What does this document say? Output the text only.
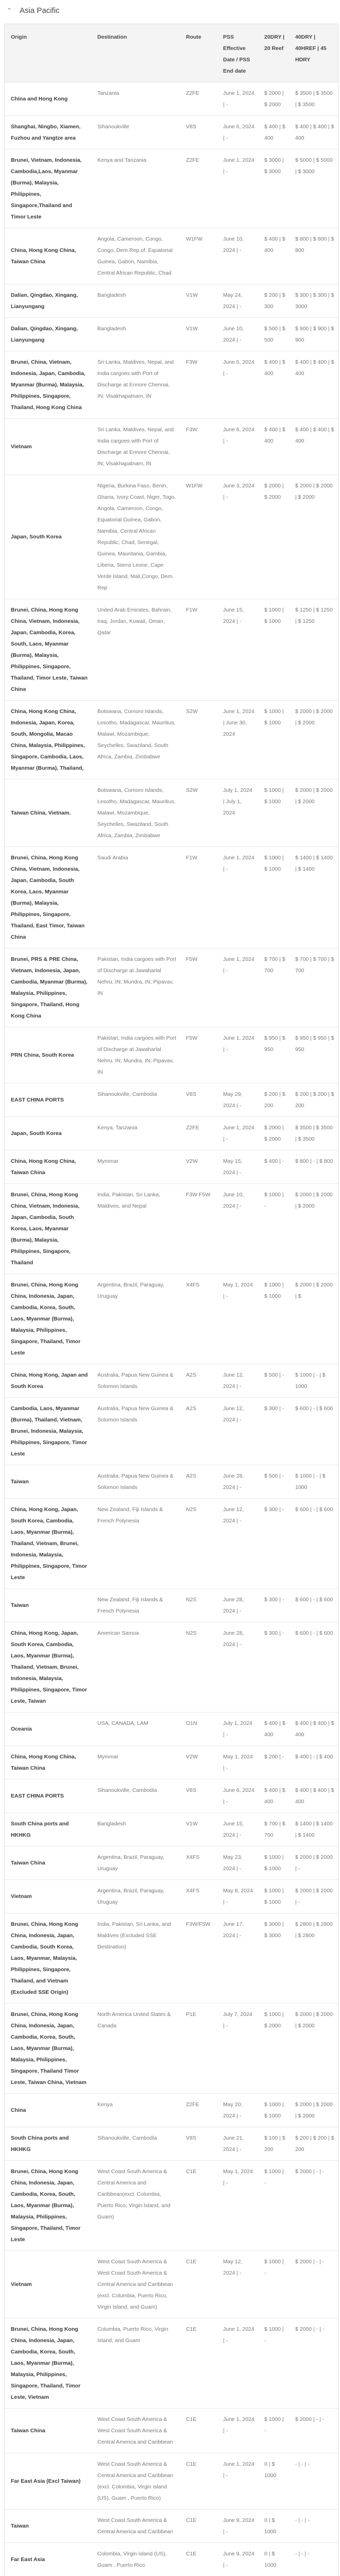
⌃ Asia Pacific
Origin	Destination	Route	PSS Effective Date / PSS End date	20DRY | 20 Reef	40DRY | 40HREF | 45 HDRY
China and Hong Kong	Tanzania	Z2FE	June 1, 2024 | -	$ 2000 | $ 2000	$ 3500 | $ 3500 | $ 3500
Shanghai, Ningbo, Xiamen, Fuzhou and Yangtze area	Sihanoukville	V8S	June 6, 2024 | -	$ 400 | $ 400	$ 400 | $ 400 | $ 400
Brunei, Vietnam, Indonesia, Cambodia,Laos, Myanmar (Burma), Malaysia, Philippines, Singapore,Thailand and Timor Leste	Kenya and Tanzania	Z2FE	June 1, 2024 | -	$ 3000 | $ 3000	$ 5000 | $ 5000 | $ 3000
China, Hong Kong China, Taiwan China	Angola, Cameroon, Congo, Congo, Dem.Rep.of, Equatorial Guinea, Gabon, Namibia, Central African Republic, Chad	W1FW	June 10, 2024 | -	$ 400 | $ 400	$ 800 | $ 800 | $ 800
Dalian, Qingdao, Xingang, Lianyungang	Bangladesh	V1W	May 24, 2024 | -	$ 200 | $ 300	$ 300 | $ 300 | $ 3000
Dalian, Qingdao, Xingang, Lianyungang	Bangladesh	V1W	June 10, 2024 | -	$ 500 | $ 500	$ 900 | $ 900 | $ 900
Brunei, China, Vietnam, Indonesia, Japan, Cambodia, Myanmar (Burma), Malaysia, Philippines, Singapore, Thailand, Hong Kong China	Sri Lanka, Maldives, Nepal, and India cargoes with Port of Discharge at Ennore Chennai, IN; Visakhapatnam, IN	F3W	June 5, 2024 | -	$ 400 | $ 400	$ 400 | $ 400 | $ 400
Vietnam	Sri Lanka, Maldives, Nepal, and India cargoes with Port of Discharge at Ennore Chennai, IN; Visakhapatnam, IN	F3W	June 6, 2024 | -	$ 400 | $ 400	$ 400 | $ 400 | $ 400
Japan, South Korea	Nigeria, Burkina Faso, Benin, Ghana, Ivory Coast, Niger, Togo, Angola, Cameroon, Congo, Equatorial Guinea, Gabon, Namibia, Central African Republic, Chad, Senegal, Guinea, Mauritania, Gambia, Liberia, Sierra Leone, Cape Verde Island, Mali,Congo, Dem. Rep	W1FW	June 3, 2024 | -	$ 2000 | $ 2000	$ 2000 | $ 2000 | $ 2000
Brunei, China, Hong Kong China, Vietnam, Indonesia, Japan, Cambodia, Korea, South, Laos, Myanmar (Burma), Malaysia, Philippines, Singapore, Thailand, Timor Leste, Taiwan China	United Arab Emirates, Bahrain, Iraq, Jordan, Kuwait, Oman, Qatar	F1W	June 15, 2024 | -	$ 1000 | $ 1000	$ 1250 | $ 1250 | $ 1250
China, Hong Kong China, Indonesia, Japan, Korea, South, Mongolia, Macao China, Malaysia, Philippines, Singapore, Cambodia, Laos, Myanmar (Burma), Thailand,	Botswana, Comoro Islands, Lesotho, Madagascar, Mauritius, Malawi, Mozambique, Seychelles, Swaziland, South Africa, Zambia, Zimbabwe	S2W	June 1, 2024 | June 30, 2024	$ 1000 | $ 1000	$ 2000 | $ 2000 | $ 2000
Taiwan China, Vietnam.	Botswana, Comoro Islands, Lesotho, Madagascar, Mauritius, Malawi, Mozambique, Seychelles, Swaziland, South Africa, Zambia, Zimbabwe	S2W	July 1, 2024 | July 1, 2024	$ 1000 | $ 1000	$ 2000 | $ 2000 | $ 2000
Brunei, China, Hong Kong China, Vietnam, Indonesia, Japan, Cambodia, South Korea, Laos, Myanmar (Burma), Malaysia, Philippines, Singapore, Thailand, East Timor, Taiwan China	Saudi Arabia	F1W	June 1, 2024 | -	$ 1000 | $ 1000	$ 1400 | $ 1400 | $ 1400
Brunei, PRS & PRE China, Vietnam, Indonesia, Japan, Cambodia, Myanmar (Burma), Malaysia, Philippines, Singapore, Thailand, Hong Kong China	Pakistan, India cargoes with Port of Discharge at Jawaharlal Nehru, IN; Mundra, IN; Pipavav, IN	F5W	June 1, 2024 | -	$ 700 | $ 700	$ 700 | $ 700 | $ 700
PRN China, South Korea	Pakistan, India cargoes with Port of Discharge at Jawaharlal Nehru, IN; Mundra, IN; Pipavav, IN	F5W	June 1, 2024 | -	$ 950 | $ 950	$ 950 | $ 950 | $ 950
EAST CHINA PORTS	Sihanoukville, Cambodia	V8S	May 29, 2024 | -	$ 200 | $ 200	$ 200 | $ 200 | $ 200
Japan, South Korea	Kenya, Tanzania	Z2FE	June 1, 2024 | -	$ 2000 | $ 2000	$ 3500 | $ 3500 | $ 3500
China, Hong Kong China, Taiwan China	Mymmar	V2W	May 15, 2024 | -	$ 400 | -	$ 800 | - | $ 800
Brunei, China, Hong Kong China, Vietnam, Indonesia, Japan, Cambodia, South Korea, Laos, Myanmar (Burma), Malaysia, Philippines, Singapore, Thailand	India, Pakistan, Sri Lanka, Maldives, and Nepal	F3W F5W	June 10, 2024 | -	$ 1000 | -	$ 2000 | $ 2000 | $ 2000
Brunei, China, Hong Kong China, Indonesia, Japan, Cambodia, Korea, South, Laos, Myanmar (Burma), Malaysia, Philippines, Singapore, Thailand, Timor Leste	Argentina, Brazil, Paraguay, Uruguay	X4FS	May 1, 2024 | -	$ 1000 | $ 1000	$ 2000 | $ 2000 | $
China, Hong Kong, Japan and South Korea	Australia, Papua New Guinea & Solomon Islands	A2S	June 12, 2024 | -	$ 500 | -	$ 1000 | - | $ 1000
Cambodia, Laos, Myanmar (Burma), Thailand, Vietnam, Brunei, Indonesia, Malaysia, Philippines, Singapore, Timor Leste	Australia, Papua New Guinea & Solomon Islands	A2S	June 12, 2024 | -	$ 300 | -	$ 600 | - | $ 600
Taiwan	Australia, Papua New Guinea & Solomon Islands	A2S	June 28, 2024 | -	$ 500 | -	$ 1000 | - | $ 1000
China, Hong Kong, Japan, South Korea, Cambodia, Laos, Myanmar (Burma), Thailand, Vietnam, Brunei, Indonesia, Malaysia, Philippines, Singapore, Timor Leste	New Zealand, Fiji Islands & French Polynesia	N2S	June 12, 2024 | -	$ 300 | -	$ 600 | - | $ 600
Taiwan	New Zealand, Fiji Islands & French Polynesia	N2S	June 28, 2024 | -	$ 300 | -	$ 600 | - | $ 600
China, Hong Kong, Japan, South Korea, Cambodia, Laos, Myanmar (Burma), Thailand, Vietnam, Brunei, Indonesia, Malaysia, Philippines, Singapore, Timor Leste, Taiwan	American Samoa	N2S	June 28, 2024 | -	$ 300 | -	$ 600 | - | $ 600
Oceania	USA, CANADA, LAM	O1N	July 1, 2024 | -	$ 400 | $ 400	$ 400 | $ 400 | $ 400
China, Hong Kong China, Taiwan China	Mymmar	V2W	May 1, 2024 | -	$ 200 | -	$ 400 | - | $ 400
EAST CHINA PORTS	Sihanoukville, Cambodia	V8S	June 6, 2024 | -	$ 400 | $ 400	$ 400 | $ 400 | $ 400
South China ports and HKHKG	Bangladesh	V1W	June 15, 2024 | -	$ 700 | $ 700	$ 1400 | $ 1400 | $ 1400
Taiwan China	Argentina, Brazil, Paraguay, Uruguay	X4FS	May 23, 2024 | -	$ 1000 | $ 1000	$ 2000 | $ 2000 | -
Vietnam	Argentina, Brazil, Paraguay, Uruguay	X4FS	May 8, 2024 | -	$ 1000 | $ 1000	$ 2000 | $ 2000 | -
Brunei, China, Hong Kong China, Indonesia, Japan, Cambodia, South Korea, Laos, Myanmar, Malaysia, Philippines, Singapore, Thailand, and Vietnam (Excluded SSE Origin)	India, Pakistan, Sri Lanka, and Maldives (Excluded SSE Destination)	F3W/F5W	June 17, 2024 | -	$ 3000 | $ 3000	$ 2800 | $ 2800 | $ 2800
Brunei, China, Hong Kong China, Indonesia, Japan, Cambodia, Korea, South, Laos, Myanmar (Burma), Malaysia, Philippines, Singapore, Thailand Timor Leste, Taiwan China, Vietnam	North America United States & Canada	P1E	July 7, 2024 | -	$ 1000 | $ 2000	$ 2000 | $ 2000 | $ 2000
China	Kenya	Z2FE	May 20, 2024 | -	$ 1000 | $ 1000	$ 2000 | $ 2000 | $ 2000
South China ports and HKHKG	Sihanoukville, Cambodia	V8S	June 21, 2024 | -	$ 100 | $ 200	$ 200 | $ 200 | $ 200
Brunei, China, Hong Kong China, Indonesia, Japan, Cambodia, Korea, South, Laos, Myanmar (Burma), Malaysia, Philippines, Singapore, Thailand, Timor Leste	West Coast South America & Central America and Caribbean(excl. Columbia, Puerto Rico, Virgin Island, and Guam)	C1E	May 1, 2024 | -	$ 1000 | -	$ 2000 | - | -
Vietnam	West Coast South America & West Coast South America & Central America and Caribbean (excl. Columbia, Puerto Rico, Virgin Island, and Guam)	C1E	May 12, 2024 | -	$ 1000 | -	$ 2000 | - | -
Brunei, China, Hong Kong China, Indonesia, Japan, Cambodia, Korea, South, Laos, Myanmar (Burma), Malaysia, Philippines, Singapore, Thailand, Timor Leste, Vietnam	Columbia, Puerto Rico, Virgin Island, and Guam	C1E	June 1, 2024 | -	$ 1000 | -	$ 2000 | - | -
Taiwan China	West Coast South America & West Coast South America & Central America and Caribbean	C1E	June 1, 2024 | -	$ 1000 | -	$ 2000 | - | -
Far East Asia (Excl Taiwan)	West Coast South America & Central America and Caribbean (excl. Colombia, Virgin island (US), Guam , Puerto Rico)	C1E	June 1, 2024 | -	0 | $ 1000	- | - | -
Taiwan	West Coast South America & Central America and Caribbean	C1E	June 9, 2024 | -	0 | $ 1000	- | - | -
Far East Asia	Colombia, Virgin island (US), Guam , Puerto Rico	C1E	June 9, 2024 | -	0 | $ 1000	- | - | -
